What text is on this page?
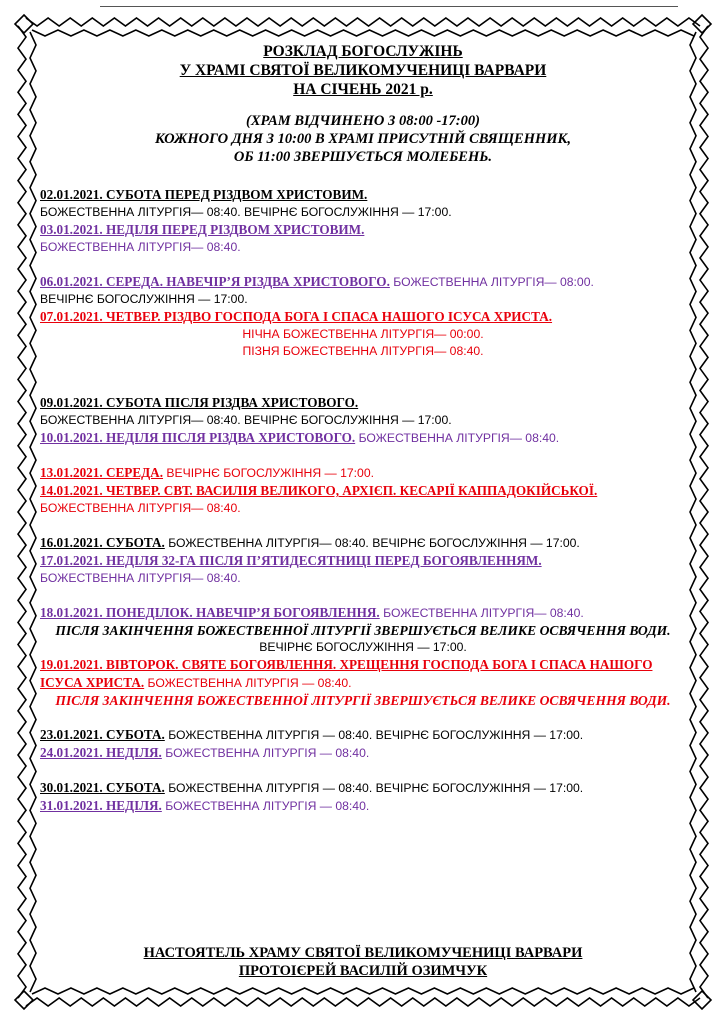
РОЗКЛАД БОГОСЛУЖІНЬ
У ХРАМІ СВЯТОЇ ВЕЛИКОМУЧЕНИЦІ ВАРВАРИ
НА СІЧЕНЬ 2021 р.
(ХРАМ ВІДЧИНЕНО З 08:00 -17:00)
КОЖНОГО ДНЯ З 10:00 В ХРАМІ ПРИСУТНІЙ СВЯЩЕННИК,
ОБ 11:00 ЗВЕРШУЄТЬСЯ МОЛЕБЕНЬ.
02.01.2021. СУБОТА ПЕРЕД РІЗДВОМ ХРИСТОВИМ.
БОЖЕСТВЕННА ЛІТУРГІЯ— 08:40. ВЕЧІРНЄ БОГОСЛУЖІННЯ — 17:00.
03.01.2021. НЕДІЛЯ ПЕРЕД РІЗДВОМ ХРИСТОВИМ.
БОЖЕСТВЕННА ЛІТУРГІЯ— 08:40.
06.01.2021. СЕРЕДА. НАВЕЧІР’Я РІЗДВА ХРИСТОВОГО. БОЖЕСТВЕННА ЛІТУРГІЯ— 08:00.
ВЕЧІРНЄ БОГОСЛУЖІННЯ — 17:00.
07.01.2021. ЧЕТВЕР. РІЗДВО ГОСПОДА БОГА І СПАСА НАШОГО ІСУСА ХРИСТА.
НІЧНА БОЖЕСТВЕННА ЛІТУРГІЯ— 00:00.
ПІЗНЯ БОЖЕСТВЕННА ЛІТУРГІЯ— 08:40.
09.01.2021. СУБОТА ПІСЛЯ РІЗДВА ХРИСТОВОГО.
БОЖЕСТВЕННА ЛІТУРГІЯ— 08:40. ВЕЧІРНЄ БОГОСЛУЖІННЯ — 17:00.
10.01.2021. НЕДІЛЯ ПІСЛЯ РІЗДВА ХРИСТОВОГО. БОЖЕСТВЕННА ЛІТУРГІЯ— 08:40.
13.01.2021. СЕРЕДА. ВЕЧІРНЄ БОГОСЛУЖІННЯ — 17:00.
14.01.2021. ЧЕТВЕР. СВТ. ВАСИЛІЯ ВЕЛИКОГО, АРХІЄП. КЕСАРІЇ КАППАДОКІЙСЬКОЇ.
БОЖЕСТВЕННА ЛІТУРГІЯ— 08:40.
16.01.2021. СУБОТА. БОЖЕСТВЕННА ЛІТУРГІЯ— 08:40. ВЕЧІРНЄ БОГОСЛУЖІННЯ — 17:00.
17.01.2021. НЕДІЛЯ 32-ГА ПІСЛЯ П’ЯТИДЕСЯТНИЦІ ПЕРЕД БОГОЯВЛЕННЯМ.
БОЖЕСТВЕННА ЛІТУРГІЯ— 08:40.
18.01.2021. ПОНЕДІЛОК. НАВЕЧІР’Я БОГОЯВЛЕННЯ. БОЖЕСТВЕННА ЛІТУРГІЯ— 08:40.
ПІСЛЯ ЗАКІНЧЕННЯ БОЖЕСТВЕННОЇ ЛІТУРГІЇ ЗВЕРШУЄТЬСЯ ВЕЛИКЕ ОСВЯЧЕННЯ ВОДИ.
ВЕЧІРНЄ БОГОСЛУЖІННЯ — 17:00.
19.01.2021. ВІВТОРОК. СВЯТЕ БОГОЯВЛЕННЯ. ХРЕЩЕННЯ ГОСПОДА БОГА І СПАСА НАШОГО ІСУСА ХРИСТА. БОЖЕСТВЕННА ЛІТУРГІЯ — 08:40.
ПІСЛЯ ЗАКІНЧЕННЯ БОЖЕСТВЕННОЇ ЛІТУРГІЇ ЗВЕРШУЄТЬСЯ ВЕЛИКЕ ОСВЯЧЕННЯ ВОДИ.
23.01.2021. СУБОТА. БОЖЕСТВЕННА ЛІТУРГІЯ — 08:40. ВЕЧІРНЄ БОГОСЛУЖІННЯ — 17:00.
24.01.2021. НЕДІЛЯ. БОЖЕСТВЕННА ЛІТУРГІЯ — 08:40.
30.01.2021. СУБОТА. БОЖЕСТВЕННА ЛІТУРГІЯ — 08:40. ВЕЧІРНЄ БОГОСЛУЖІННЯ — 17:00.
31.01.2021. НЕДІЛЯ. БОЖЕСТВЕННА ЛІТУРГІЯ — 08:40.
НАСТОЯТЕЛЬ ХРАМУ СВЯТОЇ ВЕЛИКОМУЧЕНИЦІ ВАРВАРИ
ПРОТОІЄРЕЙ ВАСИЛІЙ ОЗИМЧУК
